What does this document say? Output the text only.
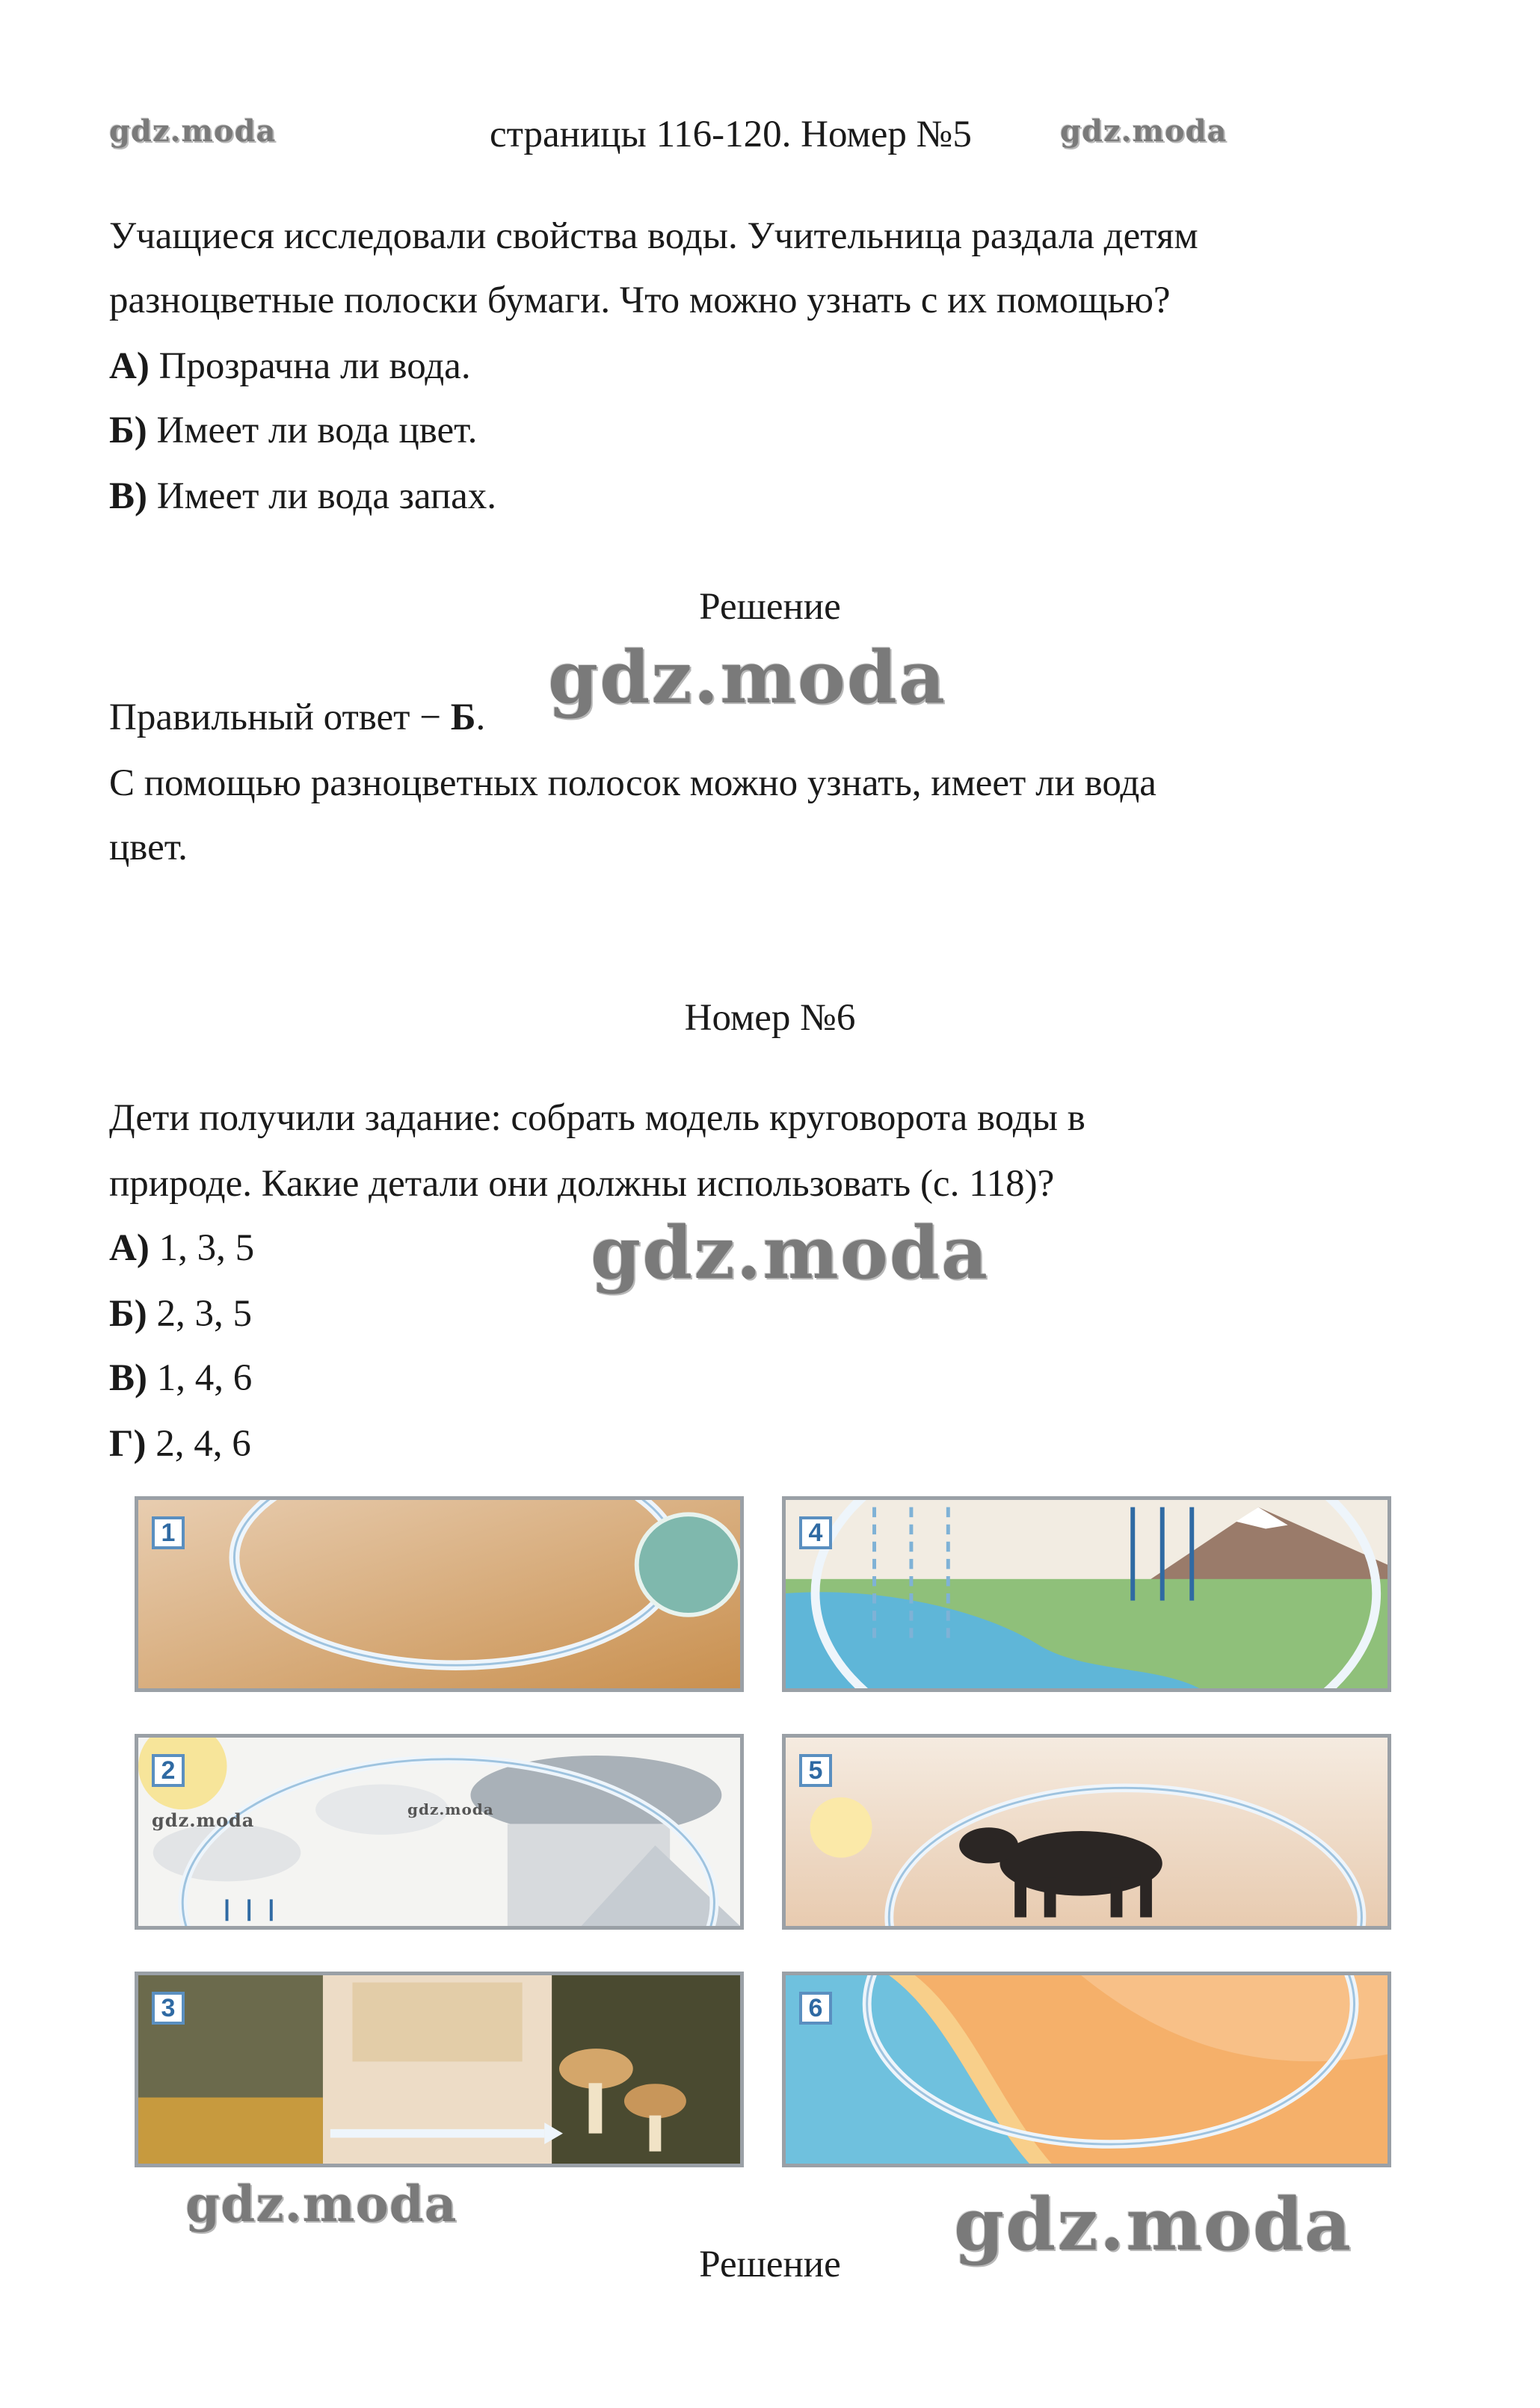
gdz.moda	страницы 116-120. Номер №5	gdz.moda
Учащиеся исследовали свойства воды. Учительница раздала детям
разноцветные полоски бумаги. Что можно узнать с их помощью?
А) Прозрачна ли вода.
Б) Имеет ли вода цвет.
В) Имеет ли вода запах.
Решение
Правильный ответ − Б. gdz.moda
С помощью разноцветных полосок можно узнать, имеет ли вода
цвет.
Номер №6
Дети получили задание: собрать модель круговорота воды в
природе. Какие детали они должны использовать (с. 118)?
gdz.moda
А) 1, 3, 5
Б) 2, 3, 5
В) 1, 4, 6
Г) 2, 4, 6
1	4
2
gdz.moda	gdz.moda
5
3	6
gdz.moda	gdz.moda
Решение
